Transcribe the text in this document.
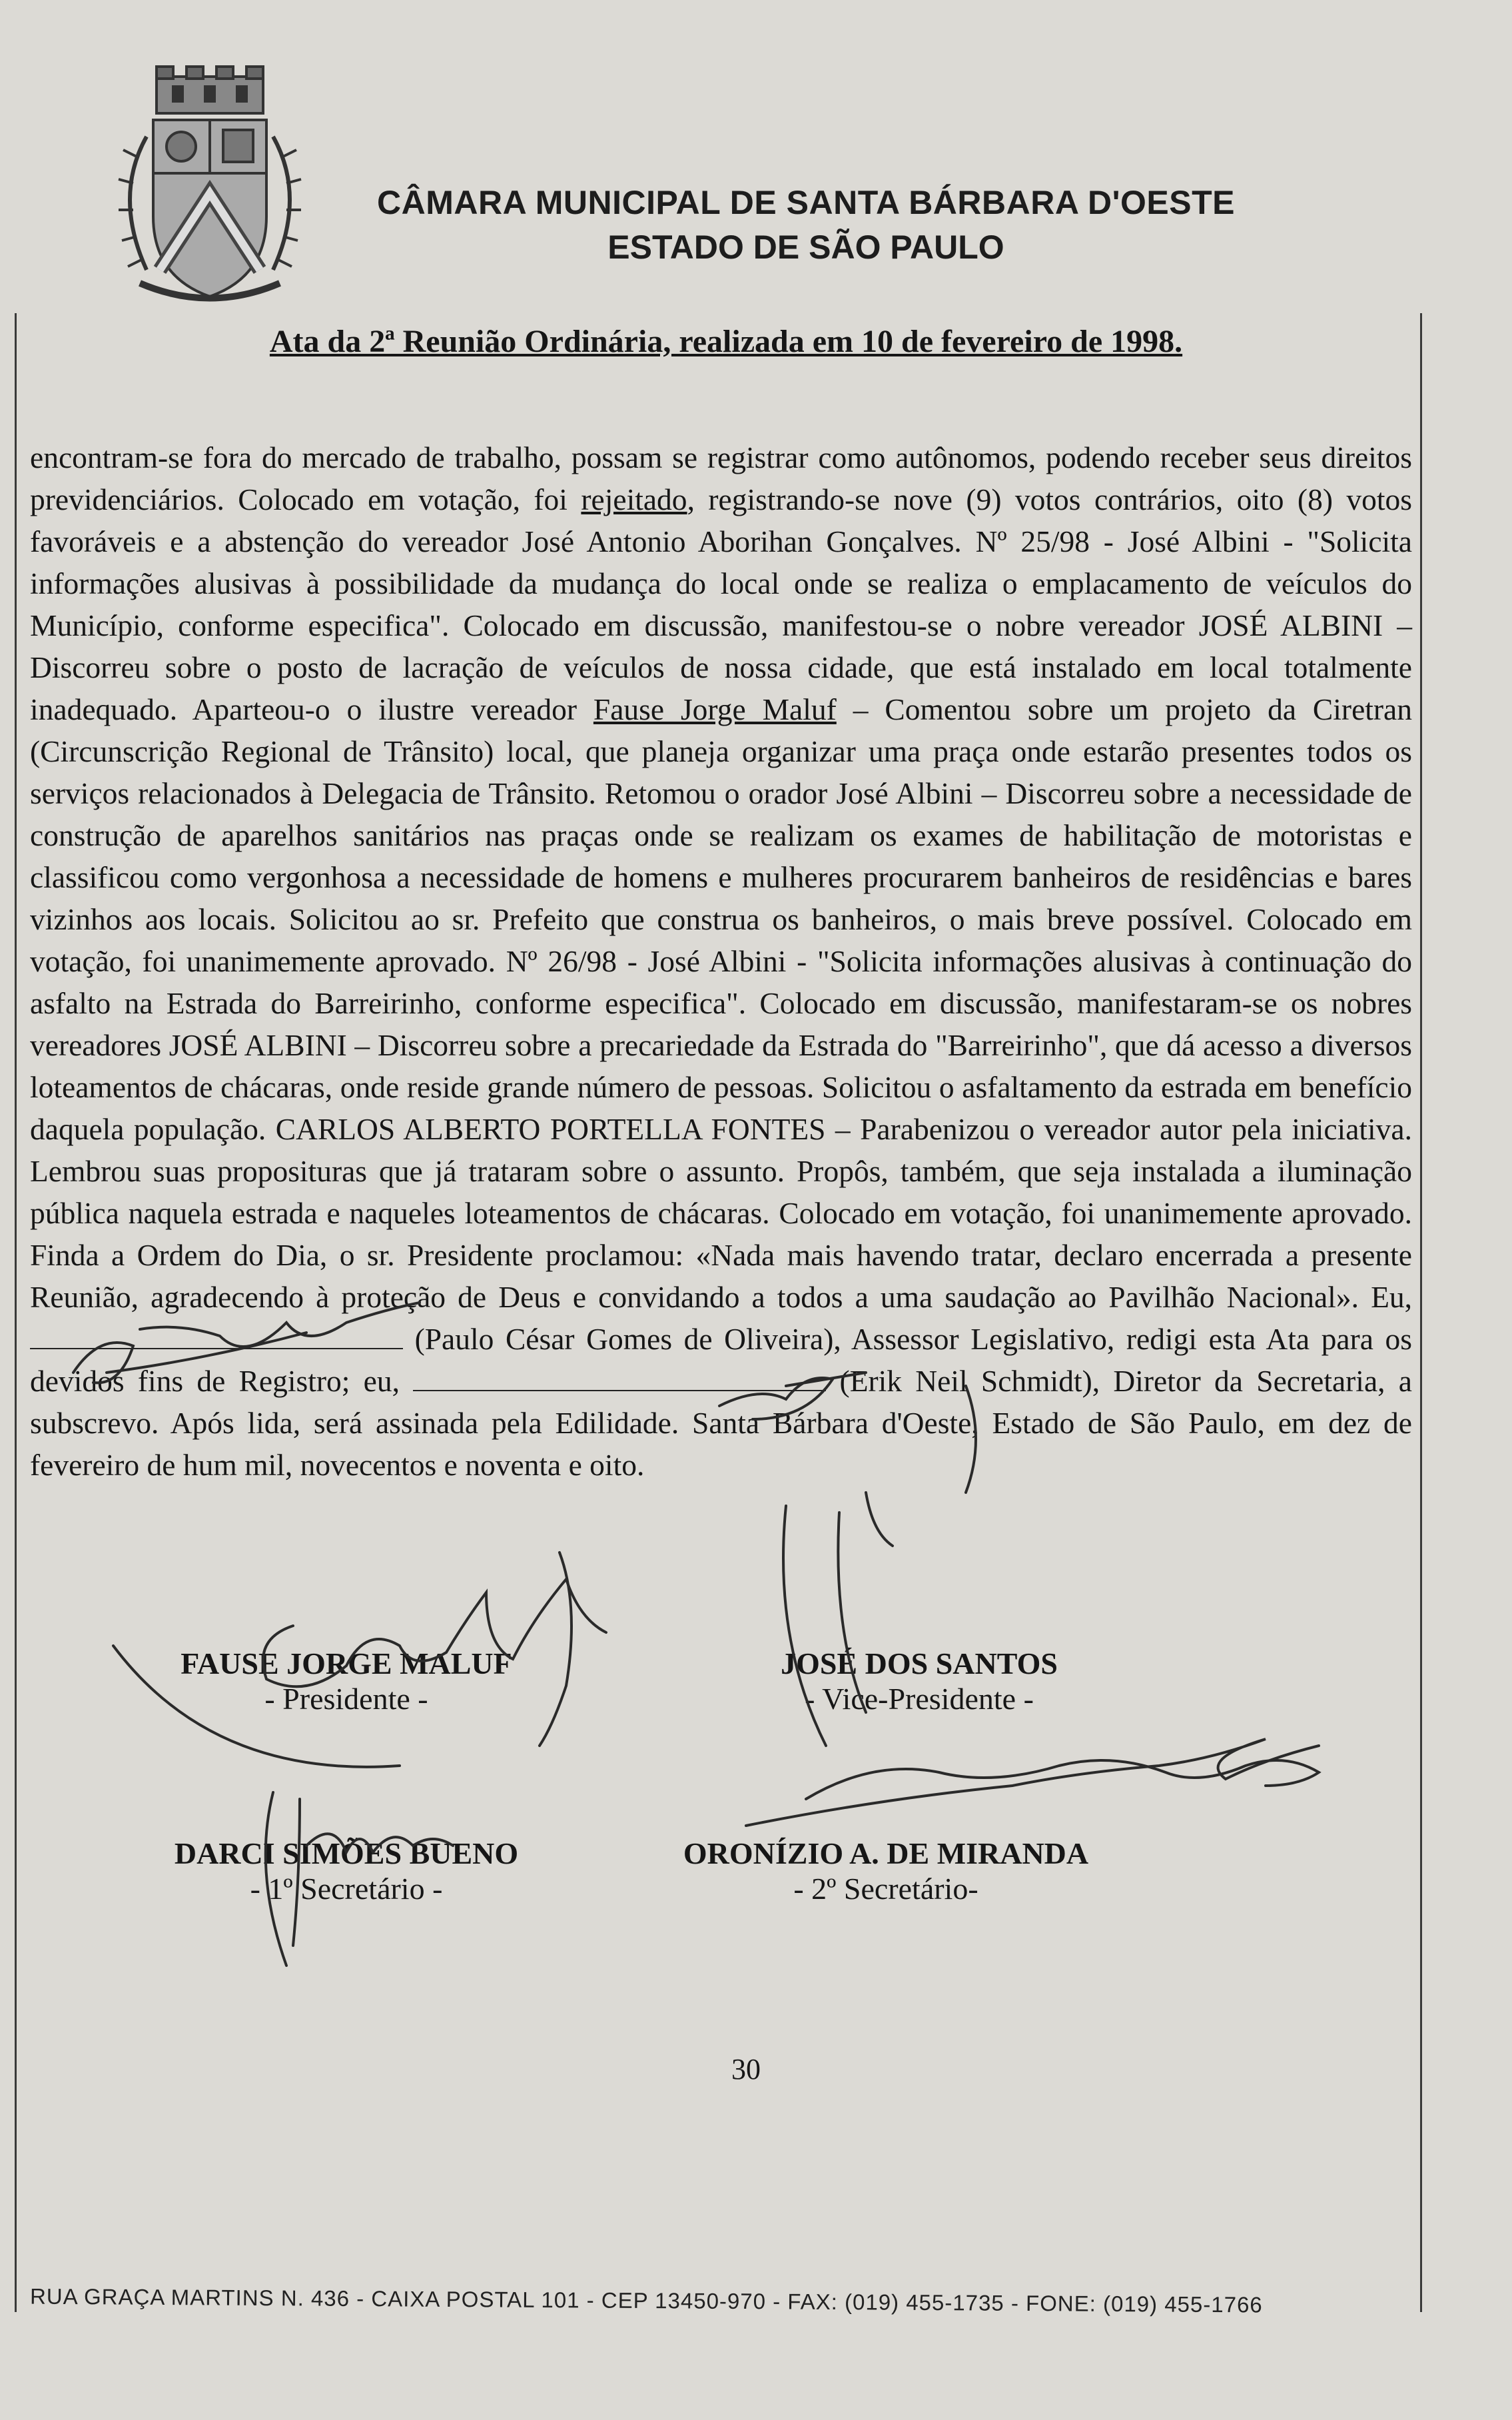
CÂMARA MUNICIPAL DE SANTA BÁRBARA D'OESTE
ESTADO DE SÃO PAULO
Ata da 2ª Reunião Ordinária, realizada em 10 de fevereiro de 1998.

encontram-se fora do mercado de trabalho, possam se registrar como autônomos, podendo receber seus direitos previdenciários. Colocado em votação, foi rejeitado, registrando-se nove (9) votos contrários, oito (8) votos favoráveis e a abstenção do vereador José Antonio Aborihan Gonçalves. Nº 25/98 - José Albini - "Solicita informações alusivas à possibilidade da mudança do local onde se realiza o emplacamento de veículos do Município, conforme especifica". Colocado em discussão, manifestou-se o nobre vereador JOSÉ ALBINI – Discorreu sobre o posto de lacração de veículos de nossa cidade, que está instalado em local totalmente inadequado. Aparteou-o o ilustre vereador Fause Jorge Maluf – Comentou sobre um projeto da Ciretran (Circunscrição Regional de Trânsito) local, que planeja organizar uma praça onde estarão presentes todos os serviços relacionados à Delegacia de Trânsito. Retomou o orador José Albini – Discorreu sobre a necessidade de construção de aparelhos sanitários nas praças onde se realizam os exames de habilitação de motoristas e classificou como vergonhosa a necessidade de homens e mulheres procurarem banheiros de residências e bares vizinhos aos locais. Solicitou ao sr. Prefeito que construa os banheiros, o mais breve possível. Colocado em votação, foi unanimemente aprovado. Nº 26/98 - José Albini - "Solicita informações alusivas à continuação do asfalto na Estrada do Barreirinho, conforme especifica". Colocado em discussão, manifestaram-se os nobres vereadores JOSÉ ALBINI – Discorreu sobre a precariedade da Estrada do "Barreirinho", que dá acesso a diversos loteamentos de chácaras, onde reside grande número de pessoas. Solicitou o asfaltamento da estrada em benefício daquela população. CARLOS ALBERTO PORTELLA FONTES – Parabenizou o vereador autor pela iniciativa. Lembrou suas proposituras que já trataram sobre o assunto. Propôs, também, que seja instalada a iluminação pública naquela estrada e naqueles loteamentos de chácaras. Colocado em votação, foi unanimemente aprovado. Finda a Ordem do Dia, o sr. Presidente proclamou: «Nada mais havendo tratar, declaro encerrada a presente Reunião, agradecendo à proteção de Deus e convidando a todos a uma saudação ao Pavilhão Nacional». Eu,  (Paulo César Gomes de Oliveira), Assessor Legislativo, redigi esta Ata para os devidos fins de Registro; eu,	(Erik Neil Schmidt), Diretor da Secretaria, a subscrevo. Após lida, será assinada pela Edilidade. Santa Bárbara d'Oeste, Estado de São Paulo, em dez de fevereiro de hum mil, novecentos e noventa e oito.

FAUSE JORGE MALUF
- Presidente -
JOSÉ DOS SANTOS
- Vice-Presidente -
DARCI SIMÕES BUENO
- 1º Secretário -
ORONÍZIO A. DE MIRANDA
- 2º Secretário-
30
RUA GRAÇA MARTINS N. 436 - CAIXA POSTAL 101 - CEP 13450-970 - FAX: (019) 455-1735 - FONE: (019) 455-1766
